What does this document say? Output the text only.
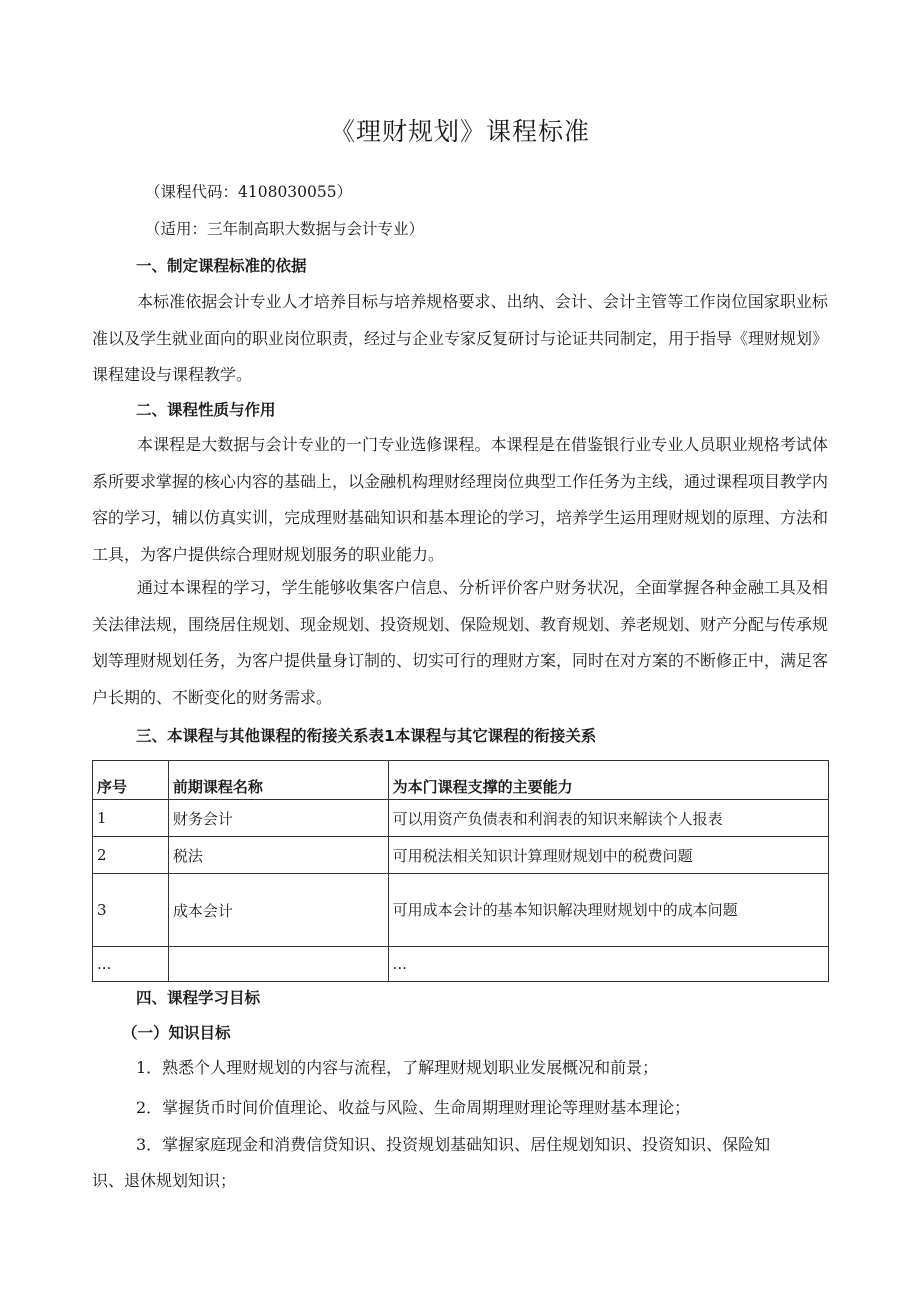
《理财规划》课程标准
（课程代码：4108030055）
（适用：三年制高职大数据与会计专业）
一、制定课程标准的依据
本标准依据会计专业人才培养目标与培养规格要求、出纳、会计、会计主管等工作岗位国家职业标准以及学生就业面向的职业岗位职责，经过与企业专家反复研讨与论证共同制定，用于指导《理财规划》课程建设与课程教学。
二、课程性质与作用
本课程是大数据与会计专业的一门专业选修课程。本课程是在借鉴银行业专业人员职业规格考试体系所要求掌握的核心内容的基础上，以金融机构理财经理岗位典型工作任务为主线，通过课程项目教学内容的学习，辅以仿真实训，完成理财基础知识和基本理论的学习，培养学生运用理财规划的原理、方法和工具，为客户提供综合理财规划服务的职业能力。
通过本课程的学习，学生能够收集客户信息、分析评价客户财务状况，全面掌握各种金融工具及相关法律法规，围绕居住规划、现金规划、投资规划、保险规划、教育规划、养老规划、财产分配与传承规划等理财规划任务，为客户提供量身订制的、切实可行的理财方案，同时在对方案的不断修正中，满足客户长期的、不断变化的财务需求。
三、本课程与其他课程的衔接关系表1本课程与其它课程的衔接关系
序号	前期课程名称	为本门课程支撑的主要能力
1	财务会计	可以用资产负债表和利润表的知识来解读个人报表
2	税法	可用税法相关知识计算理财规划中的税费问题
3	成本会计	可用成本会计的基本知识解决理财规划中的成本问题
...		...
四、课程学习目标
（一）知识目标
1．熟悉个人理财规划的内容与流程，了解理财规划职业发展概况和前景；
2．掌握货币时间价值理论、收益与风险、生命周期理财理论等理财基本理论；
3．掌握家庭现金和消费信贷知识、投资规划基础知识、居住规划知识、投资知识、保险知识、退休规划知识；
